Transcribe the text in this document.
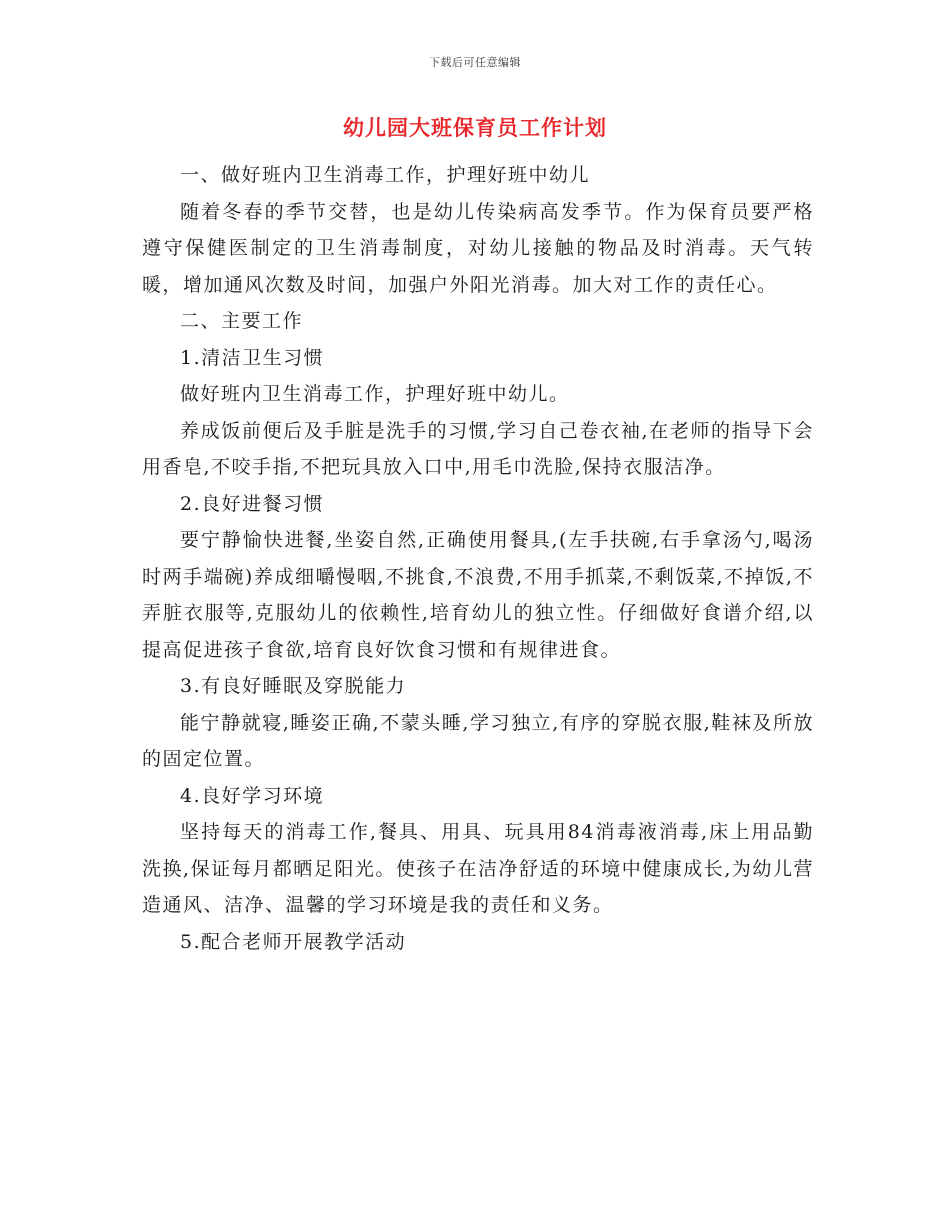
下载后可任意编辑
幼儿园大班保育员工作计划

一、做好班内卫生消毒工作，护理好班中幼儿

随着冬春的季节交替，也是幼儿传染病高发季节。作为保育员要严格遵守保健医制定的卫生消毒制度，对幼儿接触的物品及时消毒。天气转暖，增加通风次数及时间，加强户外阳光消毒。加大对工作的责任心。

二、主要工作

1.清洁卫生习惯

做好班内卫生消毒工作，护理好班中幼儿。

养成饭前便后及手脏是洗手的习惯,学习自己卷衣袖,在老师的指导下会用香皂,不咬手指,不把玩具放入口中,用毛巾洗脸,保持衣服洁净。

2.良好进餐习惯

要宁静愉快进餐,坐姿自然,正确使用餐具,(左手扶碗,右手拿汤勺,喝汤时两手端碗)养成细嚼慢咽,不挑食,不浪费,不用手抓菜,不剩饭菜,不掉饭,不弄脏衣服等,克服幼儿的依赖性,培育幼儿的独立性。仔细做好食谱介绍,以提高促进孩子食欲,培育良好饮食习惯和有规律进食。

3.有良好睡眠及穿脱能力

能宁静就寝,睡姿正确,不蒙头睡,学习独立,有序的穿脱衣服,鞋袜及所放的固定位置。

4.良好学习环境

坚持每天的消毒工作,餐具、用具、玩具用84消毒液消毒,床上用品勤洗换,保证每月都晒足阳光。使孩子在洁净舒适的环境中健康成长,为幼儿营造通风、洁净、温馨的学习环境是我的责任和义务。

5.配合老师开展教学活动
